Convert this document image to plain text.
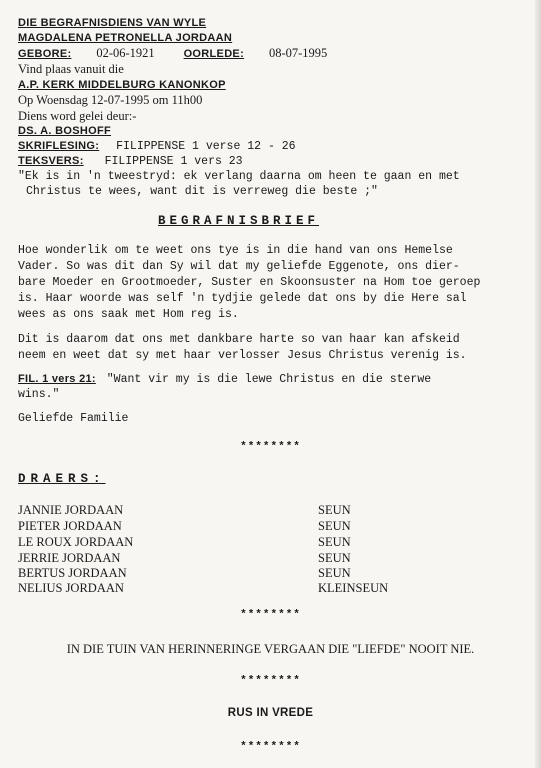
DIE BEGRAFNISDIENS VAN WYLE
MAGDALENA PETRONELLA JORDAAN
GEBORE: 02-06-1921	OORLEDE: 08-07-1995
Vind plaas vanuit die
A.P. KERK MIDDELBURG KANONKOP
Op Woensdag 12-07-1995 om 11h00
Diens word gelei deur:-
DS. A. BOSHOFF
SKRIFLESING: FILIPPENSE 1 verse 12 - 26
TEKSVERS: FILIPPENSE 1 vers 23
"Ek is in 'n tweestryd: ek verlang daarna om heen te gaan en met
Christus te wees, want dit is verreweg die beste ;"
BEGRAFNISBRIEF
Hoe wonderlik om te weet ons tye is in die hand van ons Hemelse
Vader. So was dit dan Sy wil dat my geliefde Eggenote, ons dier-
bare Moeder en Grootmoeder, Suster en Skoonsuster na Hom toe geroep
is. Haar woorde was self 'n tydjie gelede dat ons by die Here sal
wees as ons saak met Hom reg is.
Dit is daarom dat ons met dankbare harte so van haar kan afskeid
neem en weet dat sy met haar verlosser Jesus Christus verenig is.
FIL. 1 vers 21: "Want vir my is die lewe Christus en die sterwe
wins."
Geliefde Familie
********
DRAERS:
JANNIE JORDAAN	SEUN
PIETER JORDAAN	SEUN
LE ROUX JORDAAN	SEUN
JERRIE JORDAAN	SEUN
BERTUS JORDAAN	SEUN
NELIUS JORDAAN	KLEINSEUN
********
IN DIE TUIN VAN HERINNERINGE VERGAAN DIE "LIEFDE" NOOIT NIE.
********
RUS IN VREDE
********
